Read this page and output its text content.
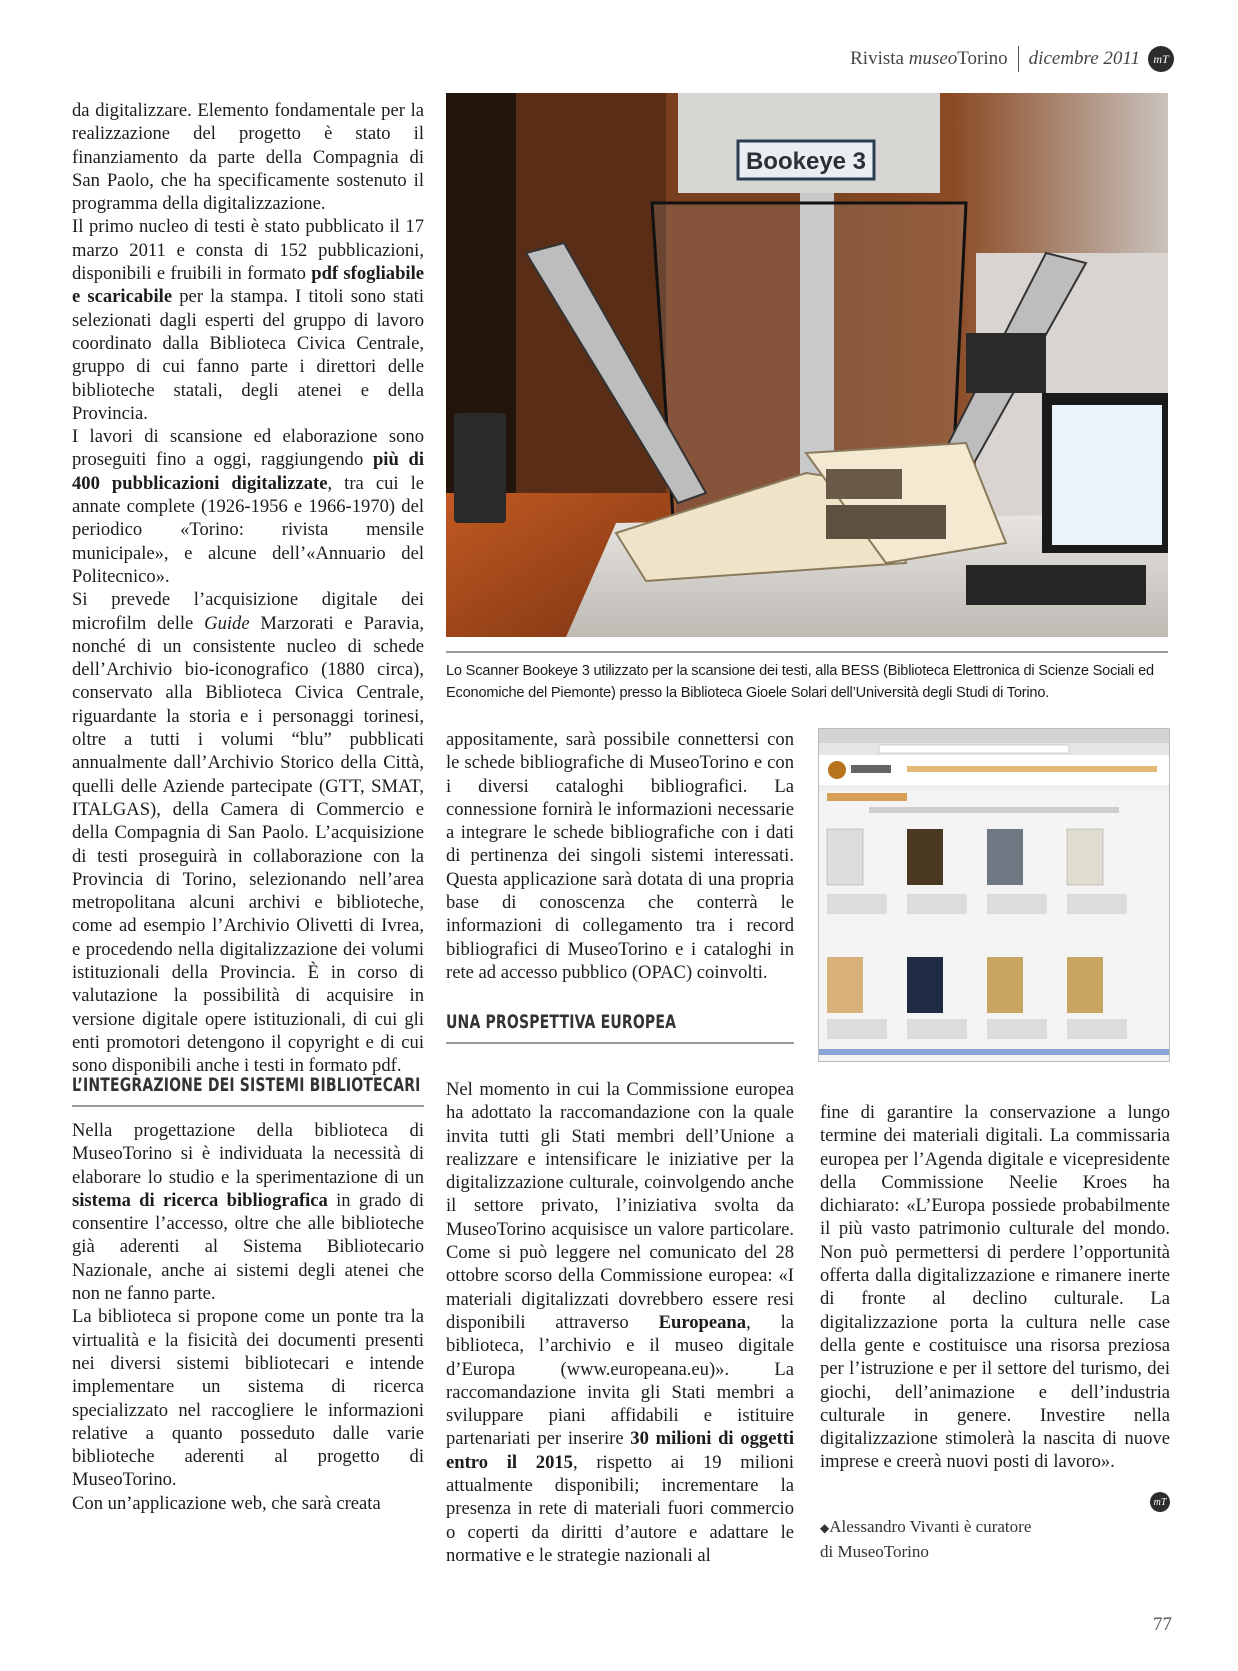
Rivista museoTorino dicembre 2011	mT

da digitalizzare. Elemento fondamentale per la realizzazione del progetto è stato il finanziamento da parte della Compagnia di San Paolo, che ha specificamente sostenuto il programma della digitalizzazione.

Il primo nucleo di testi è stato pubblicato il 17 marzo 2011 e consta di 152 pubblicazioni, disponibili e fruibili in formato pdf sfogliabile e scaricabile per la stampa. I titoli sono stati selezionati dagli esperti del gruppo di lavoro coordinato dalla Biblioteca Civica Centrale, gruppo di cui fanno parte i direttori delle biblioteche statali, degli atenei e della Provincia.

I lavori di scansione ed elaborazione sono proseguiti fino a oggi, raggiungendo più di 400 pubblicazioni digitalizzate, tra cui le annate complete (1926-1956 e 1966-1970) del periodico «Torino: rivista mensile municipale», e alcune dell’«Annuario del Politecnico».

Si prevede l’acquisizione digitale dei microfilm delle Guide Marzorati e Paravia, nonché di un consistente nucleo di schede dell’Archivio bio-iconografico (1880 circa), conservato alla Biblioteca Civica Centrale, riguardante la storia e i personaggi torinesi, oltre a tutti i volumi “blu” pubblicati annualmente dall’Archivio Storico della Città, quelli delle Aziende partecipate (GTT, SMAT, ITALGAS), della Camera di Commercio e della Compagnia di San Paolo. L’acquisizione di testi proseguirà in collaborazione con la Provincia di Torino, selezionando nell’area metropolitana alcuni archivi e biblioteche, come ad esempio l’Archivio Olivetti di Ivrea, e procedendo nella digitalizzazione dei volumi istituzionali della Provincia. È in corso di valutazione la possibilità di acquisire in versione digitale opere istituzionali, di cui gli enti promotori detengono il copyright e di cui sono disponibili anche i testi in formato pdf.

L’INTEGRAZIONE DEI SISTEMI BIBLIOTECARI

Nella progettazione della biblioteca di MuseoTorino si è individuata la necessità di elaborare lo studio e la sperimentazione di un sistema di ricerca bibliografica in grado di consentire l’accesso, oltre che alle biblioteche già aderenti al Sistema Bibliotecario Nazionale, anche ai sistemi degli atenei che non ne fanno parte.

La biblioteca si propone come un ponte tra la virtualità e la fisicità dei documenti presenti nei diversi sistemi bibliotecari e intende implementare un sistema di ricerca specializzato nel raccogliere le informazioni relative a quanto posseduto dalle varie biblioteche aderenti al progetto di MuseoTorino.

Con un’applicazione web, che sarà creata

Bookeye 3
Lo Scanner Bookeye 3 utilizzato per la scansione dei testi, alla BESS (Biblioteca Elettronica di Scienze Sociali ed Economiche del Piemonte) presso la Biblioteca Gioele Solari dell’Università degli Studi di Torino.

appositamente, sarà possibile connettersi con le schede bibliografiche di MuseoTorino e con i diversi cataloghi bibliografici. La connessione fornirà le informazioni necessarie a integrare le schede bibliografiche con i dati di pertinenza dei singoli sistemi interessati. Questa applicazione sarà dotata di una propria base di conoscenza che conterrà le informazioni di collegamento tra i record bibliografici di MuseoTorino e i cataloghi in rete ad accesso pubblico (OPAC) coinvolti.

UNA PROSPETTIVA EUROPEA

Nel momento in cui la Commissione europea ha adottato la raccomandazione con la quale invita tutti gli Stati membri dell’Unione a realizzare e intensificare le iniziative per la digitalizzazione culturale, coinvolgendo anche il settore privato, l’iniziativa svolta da MuseoTorino acquisisce un valore particolare. Come si può leggere nel comunicato del 28 ottobre scorso della Commissione europea: «I materiali digitalizzati dovrebbero essere resi disponibili attraverso Europeana, la biblioteca, l’archivio e il museo digitale d’Europa (www.europeana.eu)». La raccomandazione invita gli Stati membri a sviluppare piani affidabili e istituire partenariati per inserire 30 milioni di oggetti entro il 2015, rispetto ai 19 milioni attualmente disponibili; incrementare la presenza in rete di materiali fuori commercio o coperti da diritti d’autore e adattare le normative e le strategie nazionali al

fine di garantire la conservazione a lungo termine dei materiali digitali. La commissaria europea per l’Agenda digitale e vicepresidente della Commissione Neelie Kroes ha dichiarato: «L’Europa possiede probabilmente il più vasto patrimonio culturale del mondo. Non può permettersi di perdere l’opportunità offerta dalla digitalizzazione e rimanere inerte di fronte al declino culturale. La digitalizzazione porta la cultura nelle case della gente e costituisce una risorsa preziosa per l’istruzione e per il settore del turismo, dei giochi, dell’animazione e dell’industria culturale in genere. Investire nella digitalizzazione stimolerà la nascita di nuove imprese e creerà nuovi posti di lavoro».

mT
◆Alessandro Vivanti è curatore
di MuseoTorino
77
